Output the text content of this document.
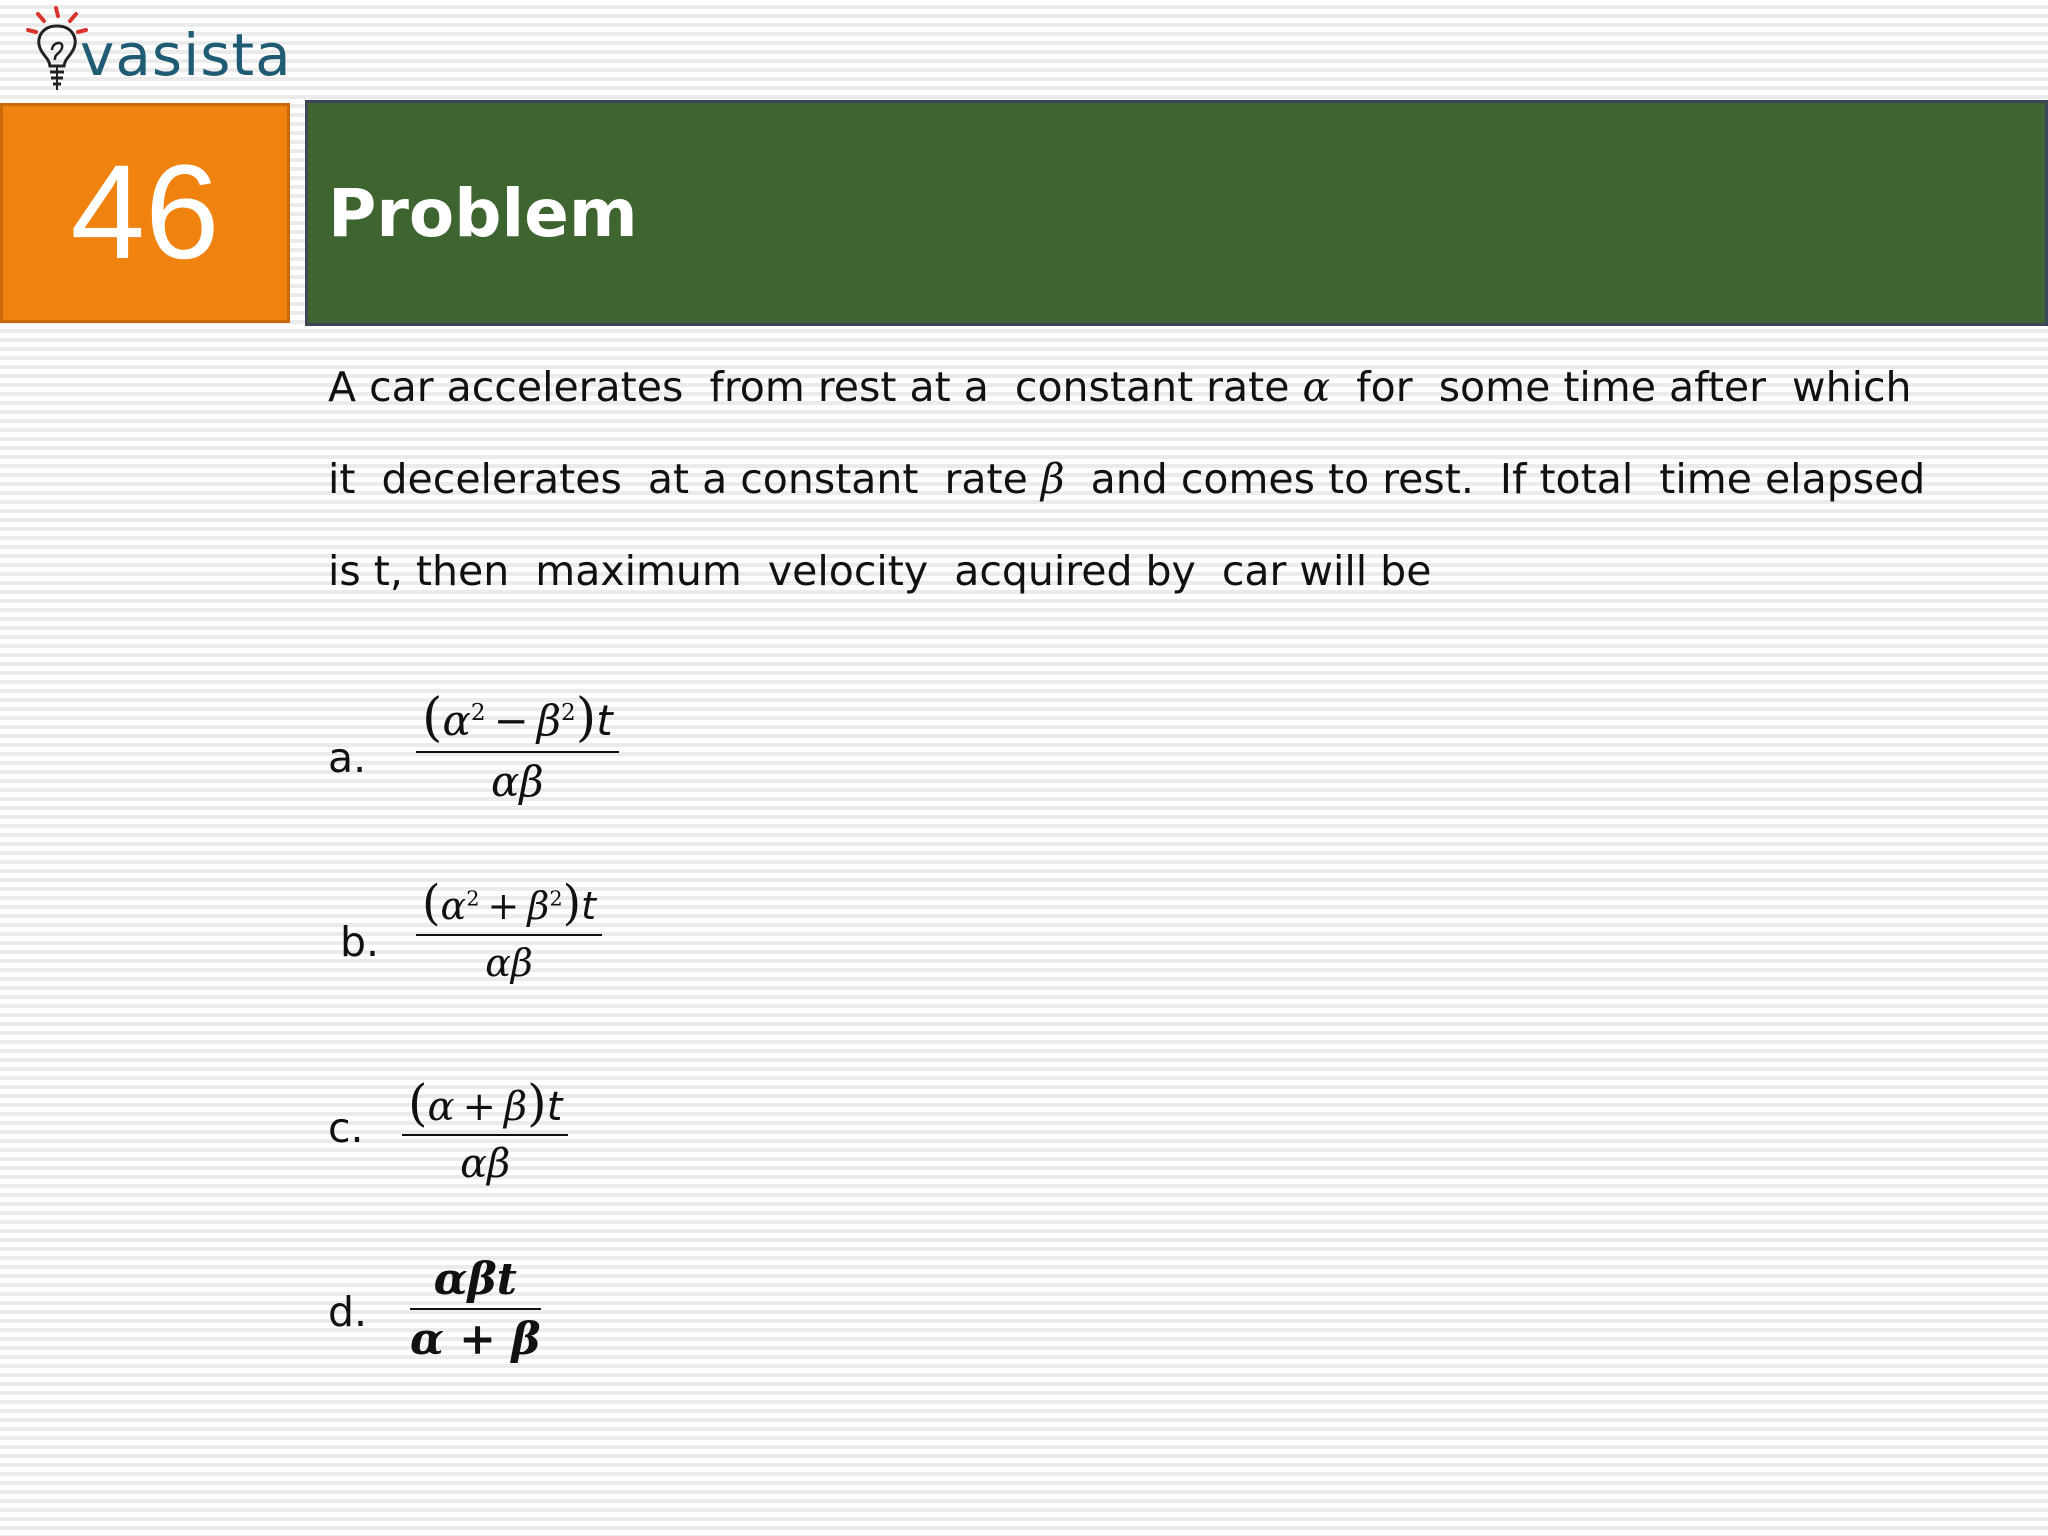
vasista
46 Problem
A car accelerates  from rest at a  constant rate α  for  some time after  which
it  decelerates  at a constant  rate β  and comes to rest.  If total  time elapsed
is t, then  maximum  velocity  acquired by  car will be
a.
$(\alpha^2 - \beta^2)t$
αβ
b.
$(\alpha^2 + \beta^2)t$
αβ
c. (α + β)t
αβ
d.
αβt
α + β
